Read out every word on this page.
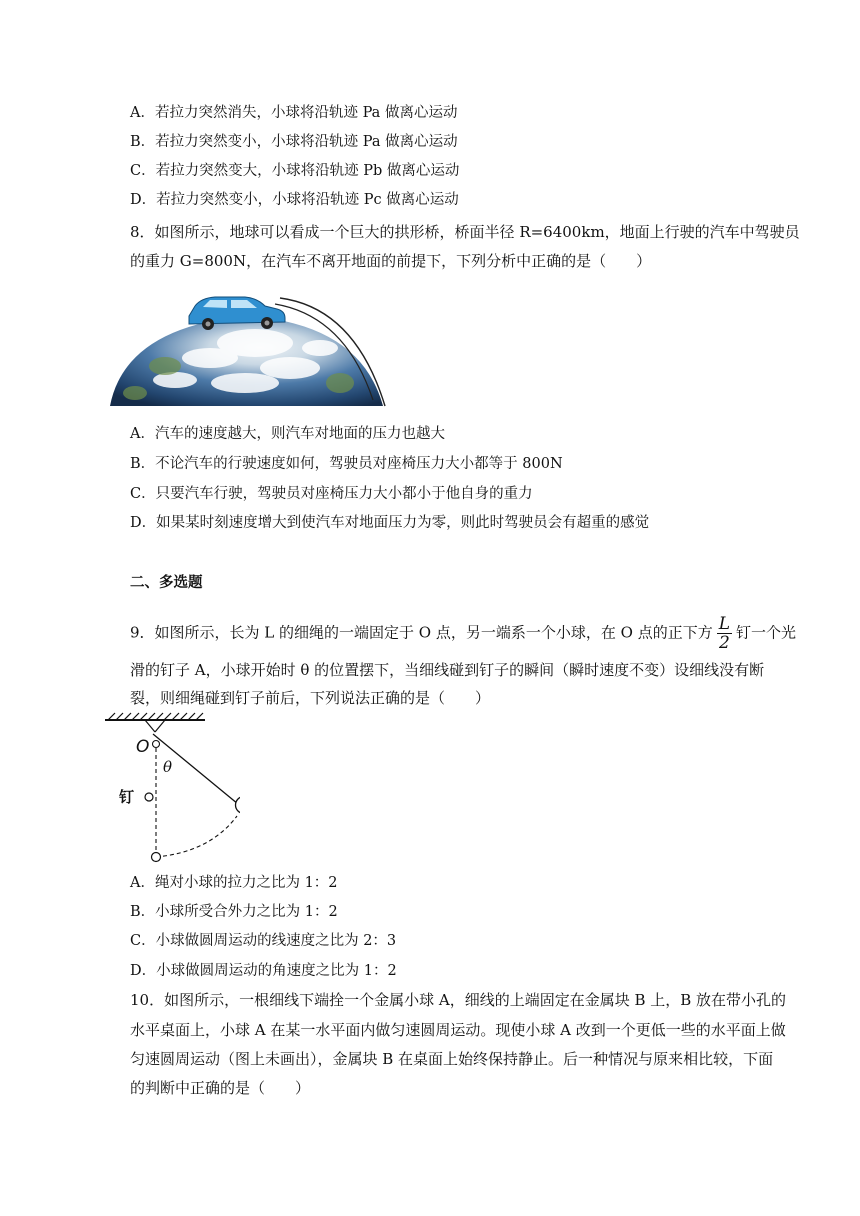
A．若拉力突然消失，小球将沿轨迹 Pa 做离心运动
B．若拉力突然变小，小球将沿轨迹 Pa 做离心运动
C．若拉力突然变大，小球将沿轨迹 Pb 做离心运动
D．若拉力突然变小，小球将沿轨迹 Pc 做离心运动
8．如图所示，地球可以看成一个巨大的拱形桥，桥面半径 R=6400km，地面上行驶的汽车中驾驶员
的重力 G=800N，在汽车不离开地面的前提下，下列分析中正确的是（　　）
A．汽车的速度越大，则汽车对地面的压力也越大
B．不论汽车的行驶速度如何，驾驶员对座椅压力大小都等于 800N
C．只要汽车行驶，驾驶员对座椅压力大小都小于他自身的重力
D．如果某时刻速度增大到使汽车对地面压力为零，则此时驾驶员会有超重的感觉
二、多选题
9．如图所示，长为 L 的细绳的一端固定于 O 点，另一端系一个小球，在 O 点的正下方 $\frac{L}{2}$ 钉一个光
滑的钉子 A，小球开始时 θ 的位置摆下，当细线碰到钉子的瞬间（瞬时速度不变）设细线没有断
裂，则细绳碰到钉子前后，下列说法正确的是（　　）
O
θ
钉
A．绳对小球的拉力之比为 1：2
B．小球所受合外力之比为 1：2
C．小球做圆周运动的线速度之比为 2：3
D．小球做圆周运动的角速度之比为 1：2
10．如图所示，一根细线下端拴一个金属小球 A，细线的上端固定在金属块 B 上，B 放在带小孔的
水平桌面上，小球 A 在某一水平面内做匀速圆周运动。现使小球 A 改到一个更低一些的水平面上做
匀速圆周运动（图上未画出），金属块 B 在桌面上始终保持静止。后一种情况与原来相比较，下面
的判断中正确的是（　　）
